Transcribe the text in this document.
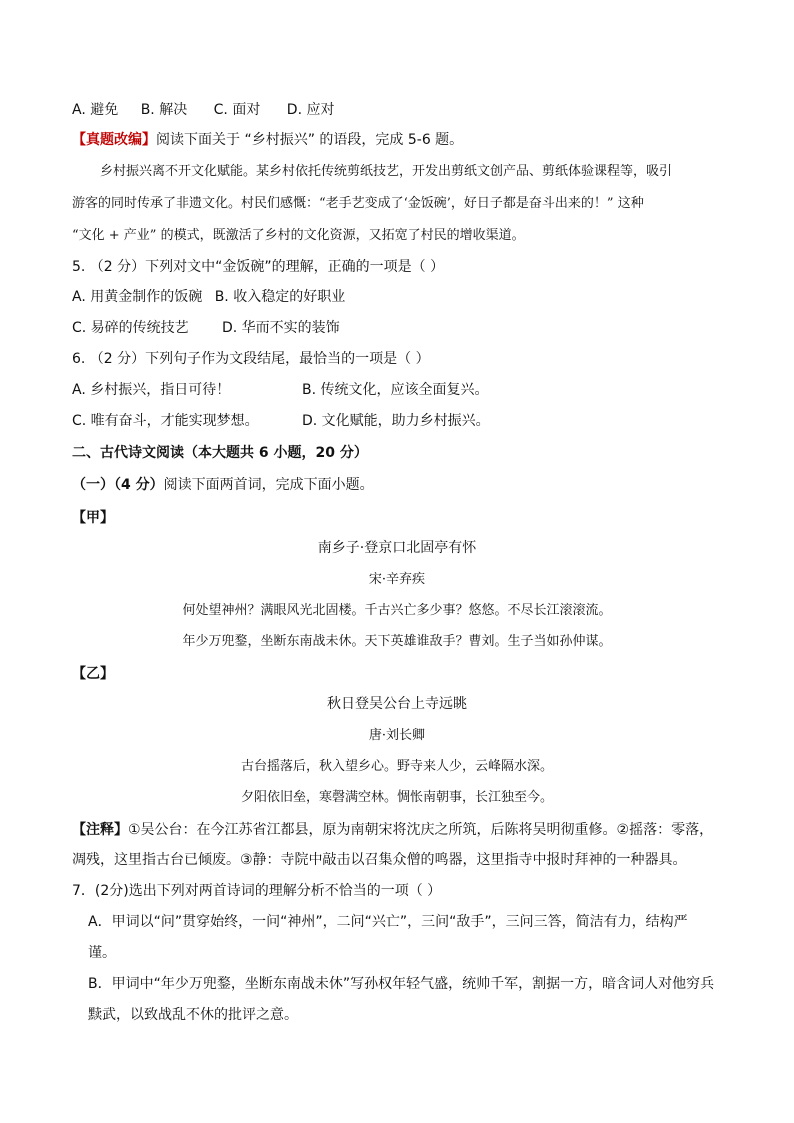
A. 避免 B. 解决 C. 面对 D. 应对
【真题改编】阅读下面关于 “乡村振兴” 的语段，完成 5-6 题。
乡村振兴离不开文化赋能。某乡村依托传统剪纸技艺，开发出剪纸文创产品、剪纸体验课程等，吸引
游客的同时传承了非遗文化。村民们感慨：“老手艺变成了‘金饭碗’，好日子都是奋斗出来的！” 这种
“文化 + 产业” 的模式，既激活了乡村的文化资源，又拓宽了村民的增收渠道。
5. （2 分）下列对文中“金饭碗”的理解，正确的一项是（ ）
A. 用黄金制作的饭碗 B. 收入稳定的好职业
C. 易碎的传统技艺 D. 华而不实的装饰
6. （2 分）下列句子作为文段结尾，最恰当的一项是（ ）
A. 乡村振兴，指日可待！	B. 传统文化，应该全面复兴。
C. 唯有奋斗，才能实现梦想。	D. 文化赋能，助力乡村振兴。
二、古代诗文阅读（本大题共 6 小题，20 分）
（一）（4 分）阅读下面两首词，完成下面小题。
【甲】
南乡子·登京口北固亭有怀
宋·辛弃疾
何处望神州？满眼风光北固楼。千古兴亡多少事？悠悠。不尽长江滚滚流。
年少万兜鍪，坐断东南战未休。天下英雄谁敌手？曹刘。生子当如孙仲谋。
【乙】
秋日登吴公台上寺远眺
唐·刘长卿
古台摇落后，秋入望乡心。野寺来人少，云峰隔水深。
夕阳依旧垒，寒磬满空林。惆怅南朝事，长江独至今。
【注释】①吴公台：在今江苏省江都县，原为南朝宋将沈庆之所筑，后陈将吴明彻重修。②摇落：零落，
凋残，这里指古台已倾废。③静：寺院中敲击以召集众僧的鸣器，这里指寺中报时拜神的一种器具。
7．(2分)选出下列对两首诗词的理解分析不恰当的一项（ ）
A．甲词以“问”贯穿始终，一问“神州”，二问“兴亡”，三问“敌手”，三问三答，简洁有力，结构严
谨。
B．甲词中“年少万兜鍪，坐断东南战未休”写孙权年轻气盛，统帅千军，割据一方，暗含词人对他穷兵
黩武，以致战乱不休的批评之意。
